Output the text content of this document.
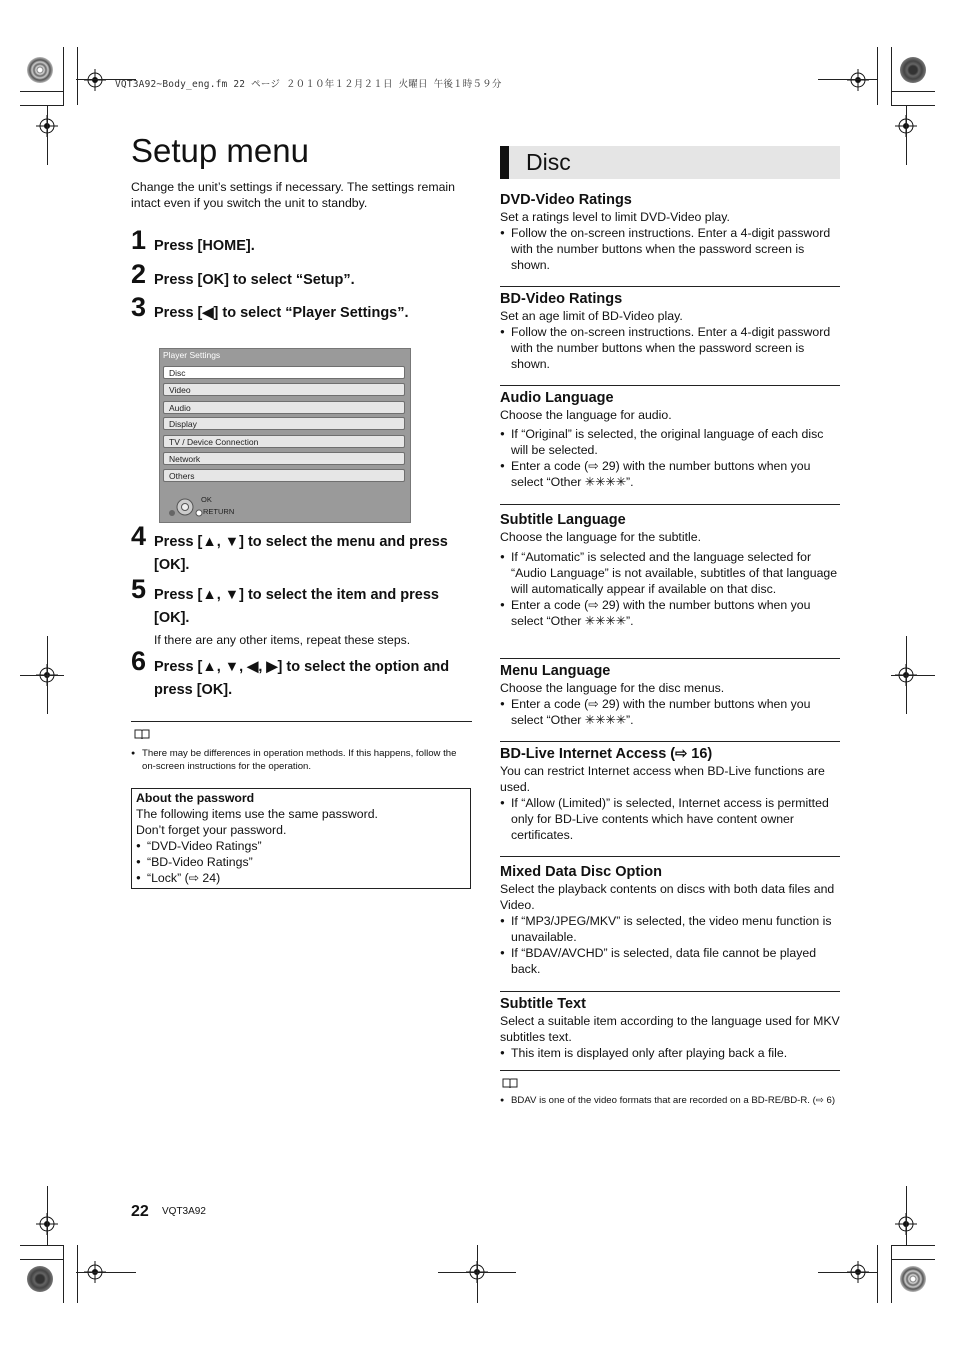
VQT3A92~Body_eng.fm 22 ページ ２０１０年１２月２１日 火曜日 午後１時５９分
Setup menu
Change the unit’s settings if necessary. The settings remain intact even if you switch the unit to standby.
1 Press [HOME].
2 Press [OK] to select “Setup”.
3 Press [◀] to select “Player Settings”.
Player Settings
Disc
Video
Audio
Display
TV / Device Connection
Network
Others
OK
RETURN
4 Press [▲, ▼] to select the menu and press [OK].
5 Press [▲, ▼] to select the item and press [OK].
If there are any other items, repeat these steps.
6 Press [▲, ▼, ◀, ▶] to select the option and press [OK].
● There may be differences in operation methods. If this happens, follow the on-screen instructions for the operation.
About the password
The following items use the same password.
Don’t forget your password.
● “DVD-Video Ratings”
● “BD-Video Ratings”
● “Lock” (⇨ 24)
Disc
DVD-Video Ratings
Set a ratings level to limit DVD-Video play.
● Follow the on-screen instructions. Enter a 4-digit password with the number buttons when the password screen is shown.
BD-Video Ratings
Set an age limit of BD-Video play.
● Follow the on-screen instructions. Enter a 4-digit password with the number buttons when the password screen is shown.
Audio Language
Choose the language for audio.
● If “Original” is selected, the original language of each disc will be selected.
● Enter a code (⇨ 29) with the number buttons when you select “Other ✳✳✳✳”.
Subtitle Language
Choose the language for the subtitle.
● If “Automatic” is selected and the language selected for “Audio Language” is not available, subtitles of that language will automatically appear if available on that disc.
● Enter a code (⇨ 29) with the number buttons when you select “Other ✳✳✳✳”.
Menu Language
Choose the language for the disc menus.
● Enter a code (⇨ 29) with the number buttons when you select “Other ✳✳✳✳”.
BD-Live Internet Access (⇨ 16)
You can restrict Internet access when BD-Live functions are used.
● If “Allow (Limited)” is selected, Internet access is permitted only for BD-Live contents which have content owner certificates.
Mixed Data Disc Option
Select the playback contents on discs with both data files and Video.
● If “MP3/JPEG/MKV” is selected, the video menu function is unavailable.
● If “BDAV/AVCHD” is selected, data file cannot be played back.
Subtitle Text
Select a suitable item according to the language used for MKV subtitles text.
● This item is displayed only after playing back a file.
● BDAV is one of the video formats that are recorded on a BD-RE/BD-R. (⇨ 6)
22 VQT3A92
